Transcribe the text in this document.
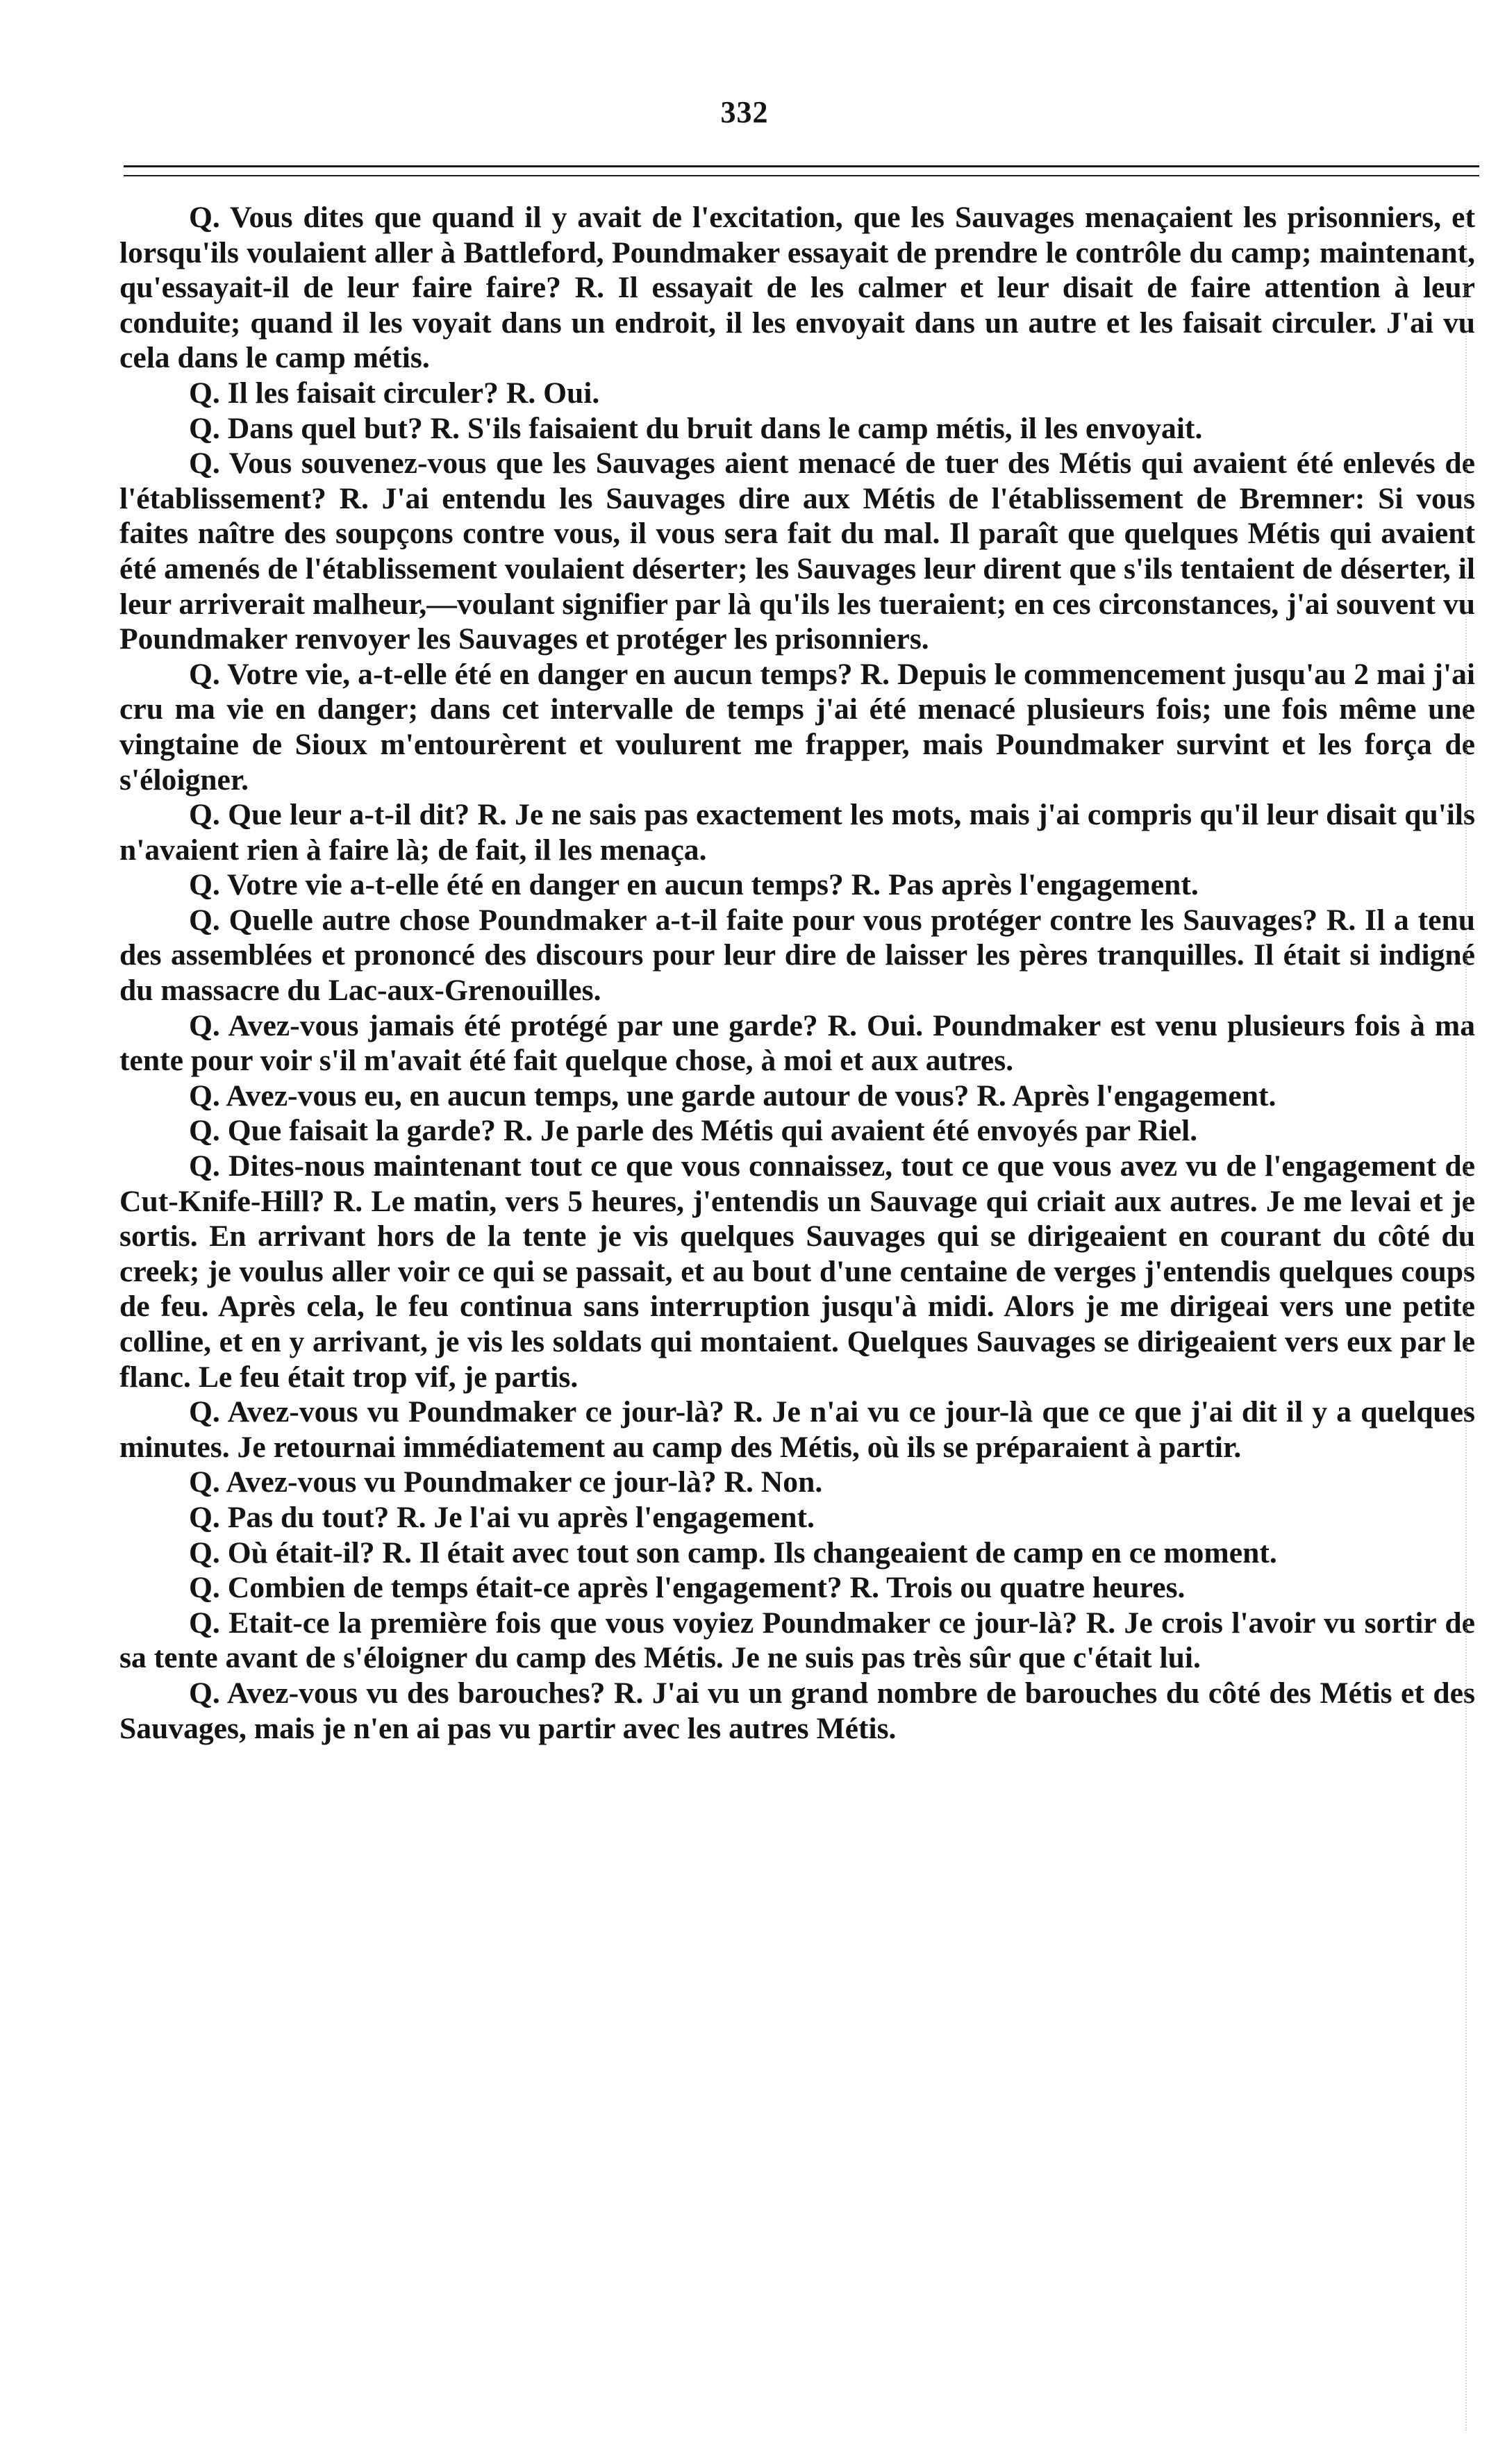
332

Q. Vous dites que quand il y avait de l'excitation, que les Sauvages menaçaient les prisonniers, et lorsqu'ils voulaient aller à Battleford, Poundmaker essayait de prendre le contrôle du camp; maintenant, qu'essayait-il de leur faire faire? R. Il essayait de les calmer et leur disait de faire attention à leur conduite; quand il les voyait dans un endroit, il les envoyait dans un autre et les faisait circuler. J'ai vu cela dans le camp métis.

Q. Il les faisait circuler? R. Oui.

Q. Dans quel but? R. S'ils faisaient du bruit dans le camp métis, il les envoyait.

Q. Vous souvenez-vous que les Sauvages aient menacé de tuer des Métis qui avaient été enlevés de l'établissement? R. J'ai entendu les Sauvages dire aux Métis de l'établissement de Bremner: Si vous faites naître des soupçons contre vous, il vous sera fait du mal. Il paraît que quelques Métis qui avaient été amenés de l'établissement voulaient déserter; les Sauvages leur dirent que s'ils tentaient de déserter, il leur arriverait malheur,—voulant signifier par là qu'ils les tueraient; en ces circonstances, j'ai souvent vu Poundmaker renvoyer les Sauvages et protéger les prisonniers.

Q. Votre vie, a-t-elle été en danger en aucun temps? R. Depuis le commencement jusqu'au 2 mai j'ai cru ma vie en danger; dans cet intervalle de temps j'ai été menacé plusieurs fois; une fois même une vingtaine de Sioux m'entourèrent et voulurent me frapper, mais Poundmaker survint et les força de s'éloigner.

Q. Que leur a-t-il dit? R. Je ne sais pas exactement les mots, mais j'ai compris qu'il leur disait qu'ils n'avaient rien à faire là; de fait, il les menaça.

Q. Votre vie a-t-elle été en danger en aucun temps? R. Pas après l'engagement.

Q. Quelle autre chose Poundmaker a-t-il faite pour vous protéger contre les Sauvages? R. Il a tenu des assemblées et prononcé des discours pour leur dire de laisser les pères tranquilles. Il était si indigné du massacre du Lac-aux-Grenouilles.

Q. Avez-vous jamais été protégé par une garde? R. Oui. Poundmaker est venu plusieurs fois à ma tente pour voir s'il m'avait été fait quelque chose, à moi et aux autres.

Q. Avez-vous eu, en aucun temps, une garde autour de vous? R. Après l'engagement.

Q. Que faisait la garde? R. Je parle des Métis qui avaient été envoyés par Riel.

Q. Dites-nous maintenant tout ce que vous connaissez, tout ce que vous avez vu de l'engagement de Cut-Knife-Hill? R. Le matin, vers 5 heures, j'entendis un Sauvage qui criait aux autres. Je me levai et je sortis. En arrivant hors de la tente je vis quelques Sauvages qui se dirigeaient en courant du côté du creek; je voulus aller voir ce qui se passait, et au bout d'une centaine de verges j'entendis quelques coups de feu. Après cela, le feu continua sans interruption jusqu'à midi. Alors je me dirigeai vers une petite colline, et en y arrivant, je vis les soldats qui montaient. Quelques Sauvages se dirigeaient vers eux par le flanc. Le feu était trop vif, je partis.

Q. Avez-vous vu Poundmaker ce jour-là? R. Je n'ai vu ce jour-là que ce que j'ai dit il y a quelques minutes. Je retournai immédiatement au camp des Métis, où ils se préparaient à partir.

Q. Avez-vous vu Poundmaker ce jour-là? R. Non.

Q. Pas du tout? R. Je l'ai vu après l'engagement.

Q. Où était-il? R. Il était avec tout son camp. Ils changeaient de camp en ce moment.

Q. Combien de temps était-ce après l'engagement? R. Trois ou quatre heures.

Q. Etait-ce la première fois que vous voyiez Poundmaker ce jour-là? R. Je crois l'avoir vu sortir de sa tente avant de s'éloigner du camp des Métis. Je ne suis pas très sûr que c'était lui.

Q. Avez-vous vu des barouches? R. J'ai vu un grand nombre de barouches du côté des Métis et des Sauvages, mais je n'en ai pas vu partir avec les autres Métis.
